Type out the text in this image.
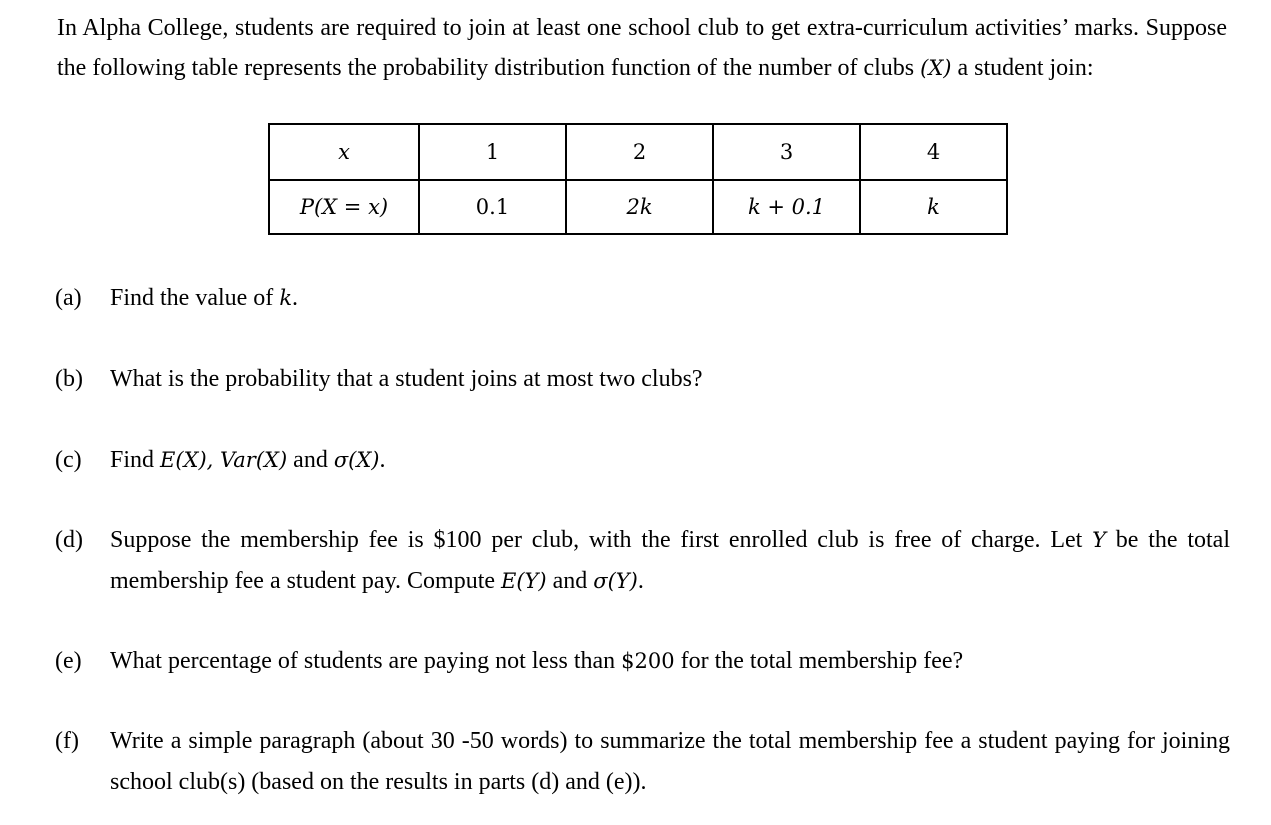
In Alpha College, students are required to join at least one school club to get extra-curriculum activities’ marks. Suppose the following table represents the probability distribution function of the number of clubs (X) a student join:

x	1	2	3	4
P(X = x)	0.1	2k	k + 0.1	k
(a) Find the value of k.
(b) What is the probability that a student joins at most two clubs?
(c) Find E(X), Var(X) and σ(X).
(d) Suppose the membership fee is $100 per club, with the first enrolled club is free of charge. Let Y be the total membership fee a student pay. Compute E(Y) and σ(Y).
(e) What percentage of students are paying not less than $200 for the total membership fee?
(f) Write a simple paragraph (about 30 -50 words) to summarize the total membership fee a student paying for joining school club(s) (based on the results in parts (d) and (e)).
